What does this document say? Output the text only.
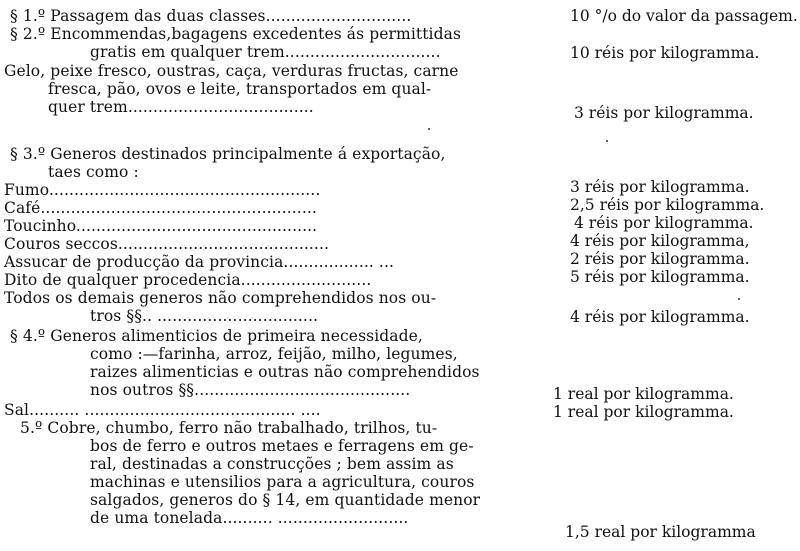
§ 1.º Passagem das duas classes.............................
§ 2.º Encommendas,bagagens excedentes ás permittidas
gratis em qualquer trem...............................
Gelo, peixe fresco, oustras, caça, verduras fructas, carne
fresca, pão, ovos e leite, transportados em qual-
quer trem.....................................
§ 3.º Generos destinados principalmente á exportação,
taes como :
Fumo......................................................
Café.......................................................
Toucinho................................................
Couros seccos..........................................
Assucar de producção da provincia.................. ...
Dito de qualquer procedencia..........................
Todos os demais generos não comprehendidos nos ou-
tros §§.. ................................
§ 4.º Generos alimenticios de primeira necessidade,
como :—farinha, arroz, feijão, milho, legumes,
raizes alimenticias e outras não comprehendidos
nos outros §§...........................................
Sal.......... .......................................... ....
5.º Cobre, chumbo, ferro não trabalhado, trilhos, tu-
bos de ferro e outros metaes e ferragens em ge-
ral, destinadas a construcções ; bem assim as
machinas e utensilios para a agricultura, couros
salgados, generos do § 14, em quantidade menor
de uma tonelada.......... ..........................
10 °/o do valor da passagem.
10 réis por kilogramma.
3 réis por kilogramma.
3 réis por kilogramma.
2,5 réis por kilogramma.
4 réis por kilogramma.
4 réis por kilogramma,
2 réis por kilogramma.
5 réis por kilogramma.
4 réis por kilogramma.
1 real por kilogramma.
1 real por kilogramma.
1,5 real por kilogramma
